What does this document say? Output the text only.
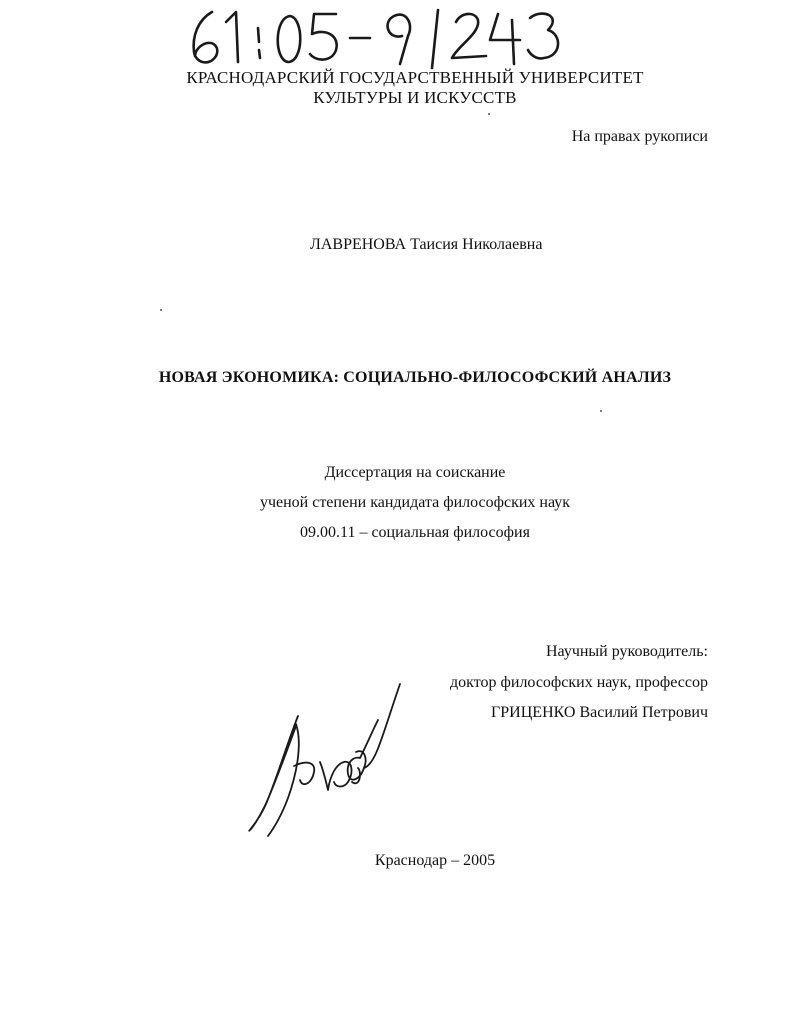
КРАСНОДАРСКИЙ ГОСУДАРСТВЕННЫЙ УНИВЕРСИТЕТ
КУЛЬТУРЫ И ИСКУССТВ
На правах рукописи
ЛАВРЕНОВА Таисия Николаевна
НОВАЯ ЭКОНОМИКА: СОЦИАЛЬНО-ФИЛОСОФСКИЙ АНАЛИЗ
Диссертация на соискание
ученой степени кандидата философских наук
09.00.11 – социальная философия
Научный руководитель:
доктор философских наук, профессор
ГРИЦЕНКО Василий Петрович
Краснодар – 2005
